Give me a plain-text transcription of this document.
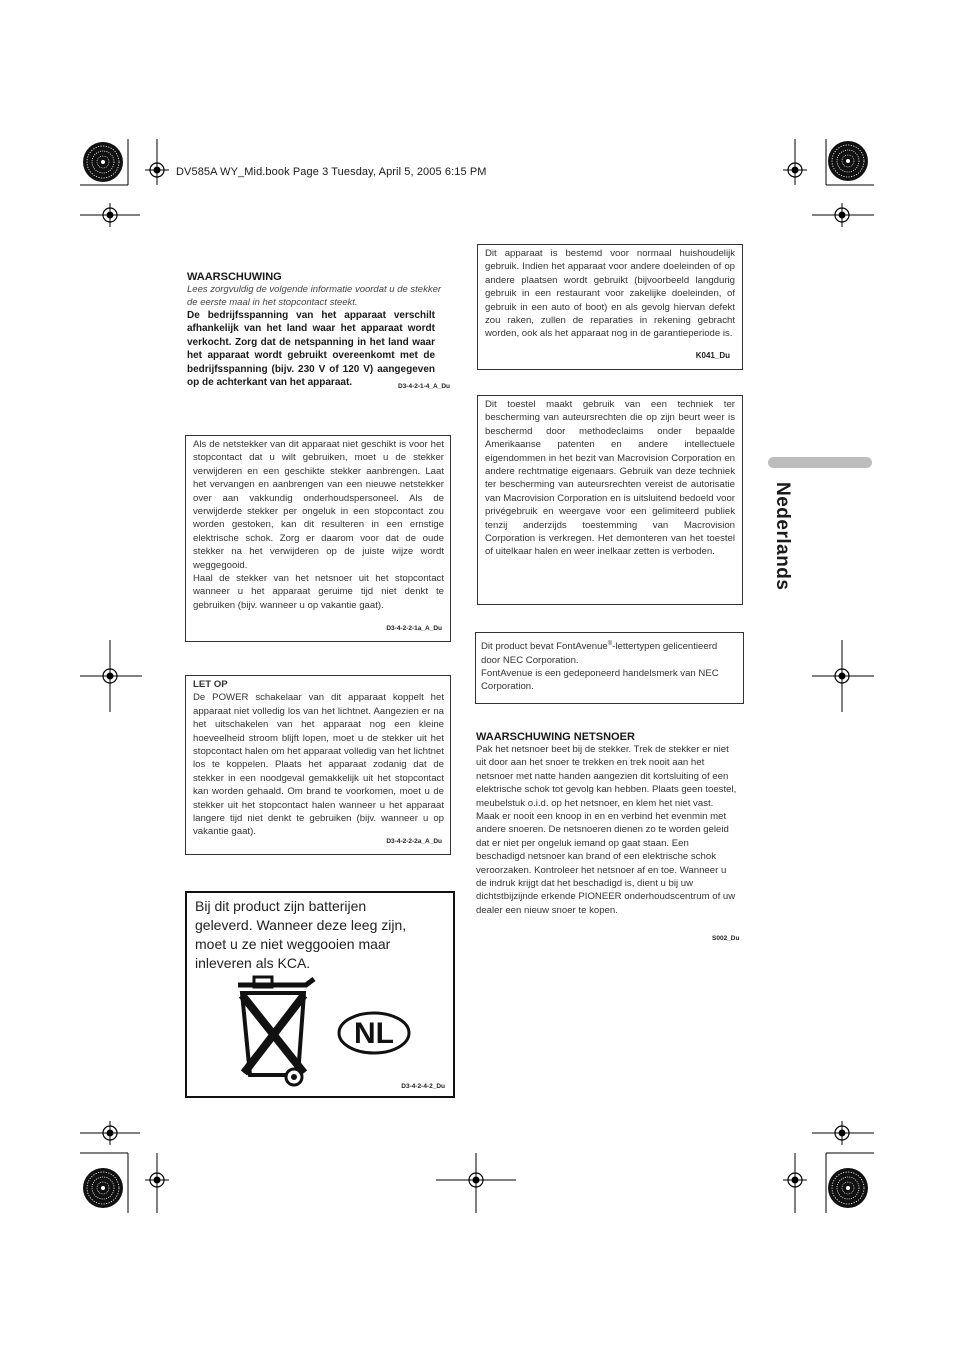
DV585A WY_Mid.book Page 3 Tuesday, April 5, 2005 6:15 PM
WAARSCHUWING
Lees zorgvuldig de volgende informatie voordat u de stekker de eerste maal in het stopcontact steekt.
De bedrijfsspanning van het apparaat verschilt afhankelijk van het land waar het apparaat wordt verkocht. Zorg dat de netspanning in het land waar het apparaat wordt gebruikt overeenkomt met de bedrijfsspanning (bijv. 230 V of 120 V) aangegeven op de achterkant van het apparaat.	D3-4-2-1-4_A_Du

Als de netstekker van dit apparaat niet geschikt is voor het stopcontact dat u wilt gebruiken, moet u de stekker verwijderen en een geschikte stekker aanbrengen. Laat het vervangen en aanbrengen van een nieuwe netstekker over aan vakkundig onderhoudspersoneel. Als de verwijderde stekker per ongeluk in een stopcontact zou worden gestoken, kan dit resulteren in een ernstige elektrische schok. Zorg er daarom voor dat de oude stekker na het verwijderen op de juiste wijze wordt weggegooid.

Haal de stekker van het netsnoer uit het stopcontact wanneer u het apparaat geruime tijd niet denkt te gebruiken (bijv. wanneer u op vakantie gaat).

D3-4-2-2-1a_A_Du
LET OP

De POWER schakelaar van dit apparaat koppelt het apparaat niet volledig los van het lichtnet. Aangezien er na het uitschakelen van het apparaat nog een kleine hoeveelheid stroom blijft lopen, moet u de stekker uit het stopcontact halen om het apparaat volledig van het lichtnet los te koppelen. Plaats het apparaat zodanig dat de stekker in een noodgeval gemakkelijk uit het stopcontact kan worden gehaald. Om brand te voorkomen, moet u de stekker uit het stopcontact halen wanneer u het apparaat langere tijd niet denkt te gebruiken (bijv. wanneer u op vakantie gaat).

D3-4-2-2-2a_A_Du
Bij dit product zijn batterijen geleverd. Wanneer deze leeg zijn, moet u ze niet weggooien maar inleveren als KCA.
NL
D3-4-2-4-2_Du

Dit apparaat is bestemd voor normaal huishoudelijk gebruik. Indien het apparaat voor andere doeleinden of op andere plaatsen wordt gebruikt (bijvoorbeeld langdurig gebruik in een restaurant voor zakelijke doeleinden, of gebruik in een auto of boot) en als gevolg hiervan defekt zou raken, zullen de reparaties in rekening gebracht worden, ook als het apparaat nog in de garantieperiode is.

K041_Du

Dit toestel maakt gebruik van een techniek ter bescherming van auteursrechten die op zijn beurt weer is beschermd door methodeclaims onder bepaalde Amerikaanse patenten en andere intellectuele eigendommen in het bezit van Macrovision Corporation en andere rechtmatige eigenaars. Gebruik van deze techniek ter bescherming van auteursrechten vereist de autorisatie van Macrovision Corporation en is uitsluitend bedoeld voor privégebruik en weergave voor een gelimiteerd publiek tenzij anderzijds toestemming van Macrovision Corporation is verkregen. Het demonteren van het toestel of uitelkaar halen en weer inelkaar zetten is verboden.

Dit product bevat FontAvenue®-lettertypen gelicentieerd door NEC Corporation.

FontAvenue is een gedeponeerd handelsmerk van NEC Corporation.

WAARSCHUWING NETSNOER

Pak het netsnoer beet bij de stekker. Trek de stekker er niet uit door aan het snoer te trekken en trek nooit aan het netsnoer met natte handen aangezien dit kortsluiting of een elektrische schok tot gevolg kan hebben. Plaats geen toestel, meubelstuk o.i.d. op het netsnoer, en klem het niet vast. Maak er nooit een knoop in en en verbind het evenmin met andere snoeren. De netsnoeren dienen zo te worden geleid dat er niet per ongeluk iemand op gaat staan. Een beschadigd netsnoer kan brand of een elektrische schok veroorzaken. Kontroleer het netsnoer af en toe. Wanneer u de indruk krijgt dat het beschadigd is, dient u bij uw dichtstbijzijnde erkende PIONEER onderhoudscentrum of uw dealer een nieuw snoer te kopen.

S002_Du
Nederlands
